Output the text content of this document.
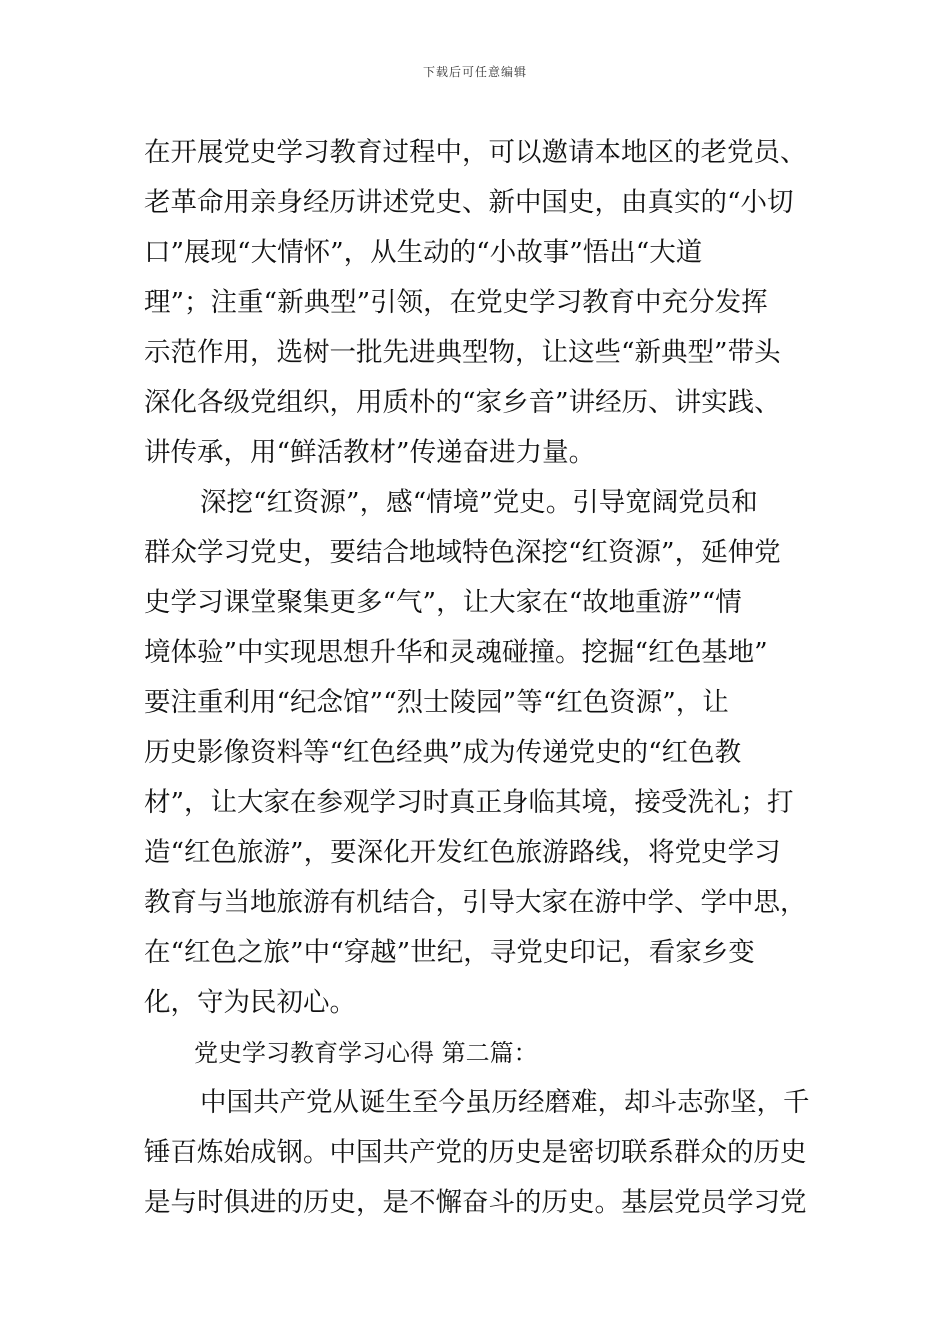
下载后可任意编辑
在开展党史学习教育过程中，可以邀请本地区的老党员、
老革命用亲身经历讲述党史、新中国史，由真实的“小切
口”展现“大情怀”，从生动的“小故事”悟出“大道
理”；注重“新典型”引领，在党史学习教育中充分发挥
示范作用，选树一批先进典型物，让这些“新典型”带头
深化各级党组织，用质朴的“家乡音”讲经历、讲实践、
讲传承，用“鲜活教材”传递奋进力量。
深挖“红资源”，感“情境”党史。引导宽阔党员和
群众学习党史，要结合地域特色深挖“红资源”，延伸党
史学习课堂聚集更多“气”，让大家在“故地重游”“情
境体验”中实现思想升华和灵魂碰撞。挖掘“红色基地”
要注重利用“纪念馆”“烈士陵园”等“红色资源”，让
历史影像资料等“红色经典”成为传递党史的“红色教
材”，让大家在参观学习时真正身临其境，接受洗礼；打
造“红色旅游”，要深化开发红色旅游路线，将党史学习
教育与当地旅游有机结合，引导大家在游中学、学中思，
在“红色之旅”中“穿越”世纪，寻党史印记，看家乡变
化，守为民初心。
党史学习教育学习心得 第二篇：
中国共产党从诞生至今虽历经磨难，却斗志弥坚，千
锤百炼始成钢。中国共产党的历史是密切联系群众的历史
是与时俱进的历史，是不懈奋斗的历史。基层党员学习党
